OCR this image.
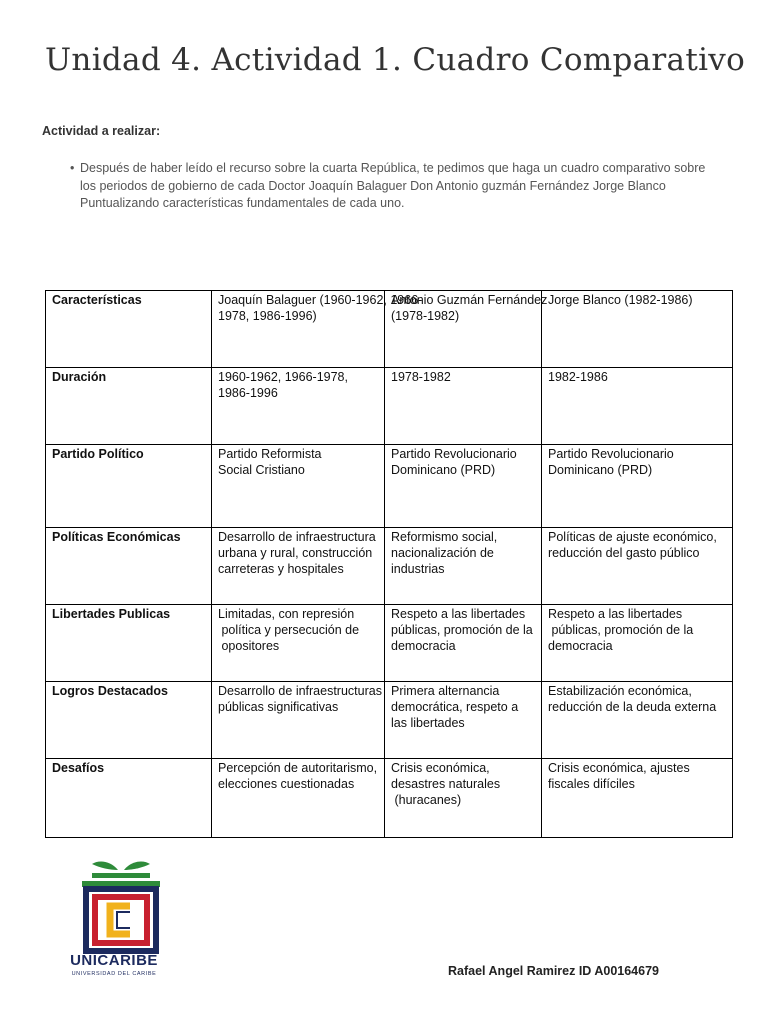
Unidad 4. Actividad 1. Cuadro Comparativo
Actividad a realizar:
• Después de haber leído el recurso sobre la cuarta República, te pedimos que haga un cuadro comparativo sobre los periodos de gobierno de cada Doctor Joaquín Balaguer Don Antonio guzmán Fernández Jorge Blanco Puntualizando características fundamentales de cada uno.
Características	Joaquín Balaguer (1960-1962, 1966-
1978, 1986-1996)	Antonio Guzmán Fernández
(1978-1982)	Jorge Blanco (1982-1986)
Duración	1960-1962, 1966-1978,
1986-1996	1978-1982	1982-1986
Partido Político	Partido Reformista
Social Cristiano	Partido Revolucionario
Dominicano (PRD)	Partido Revolucionario
Dominicano (PRD)
Políticas Económicas	Desarrollo de infraestructura
urbana y rural, construcción
carreteras y hospitales	Reformismo social,
nacionalización de
industrias	Políticas de ajuste económico,
reducción del gasto público
Libertades Publicas	Limitadas, con represión
política y persecución de
opositores	Respeto a las libertades
públicas, promoción de la
democracia	Respeto a las libertades
públicas, promoción de la
democracia
Logros Destacados	Desarrollo de infraestructuras
públicas significativas	Primera alternancia
democrática, respeto a
las libertades	Estabilización económica,
reducción de la deuda externa
Desafíos	Percepción de autoritarismo,
elecciones cuestionadas	Crisis económica,
desastres naturales
(huracanes)	Crisis económica, ajustes
fiscales difíciles
UNICARIBE
UNIVERSIDAD DEL CARIBE	Rafael Angel Ramirez ID A00164679
